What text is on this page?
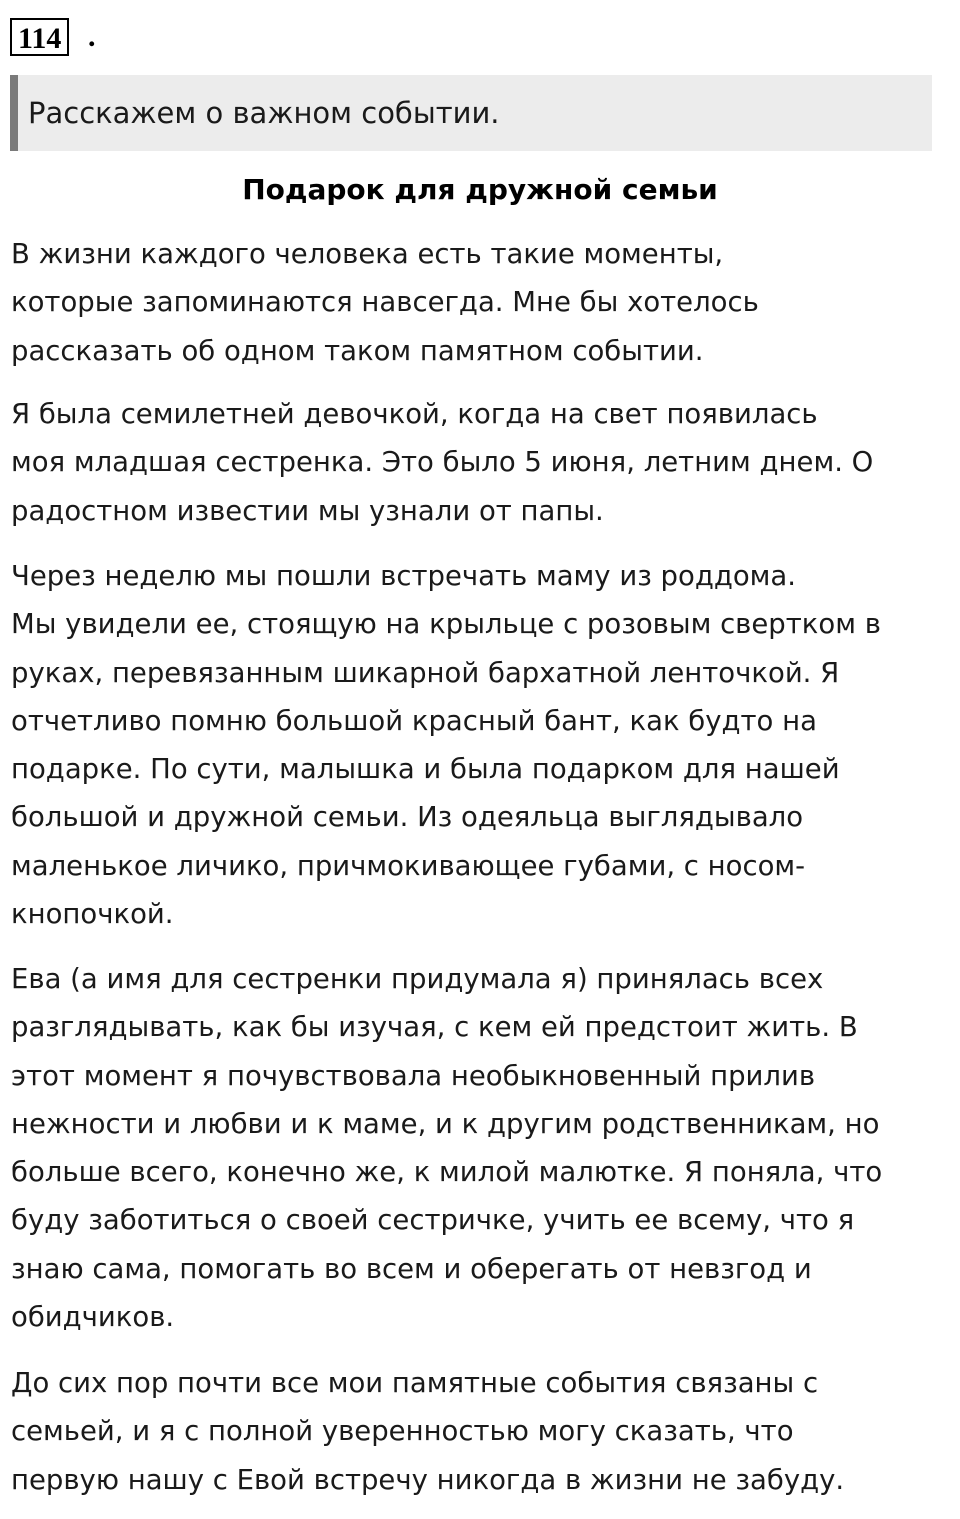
114 .
Расскажем о важном событии.
Подарок для дружной семьи

В жизни каждого человека есть такие моменты,
которые запоминаются навсегда. Мне бы хотелось
рассказать об одном таком памятном событии.

Я была семилетней девочкой, когда на свет появилась
моя младшая сестренка. Это было 5 июня, летним днем. О
радостном известии мы узнали от папы.

Через неделю мы пошли встречать маму из роддома.
Мы увидели ее, стоящую на крыльце с розовым свертком в
руках, перевязанным шикарной бархатной ленточкой. Я
отчетливо помню большой красный бант, как будто на
подарке. По сути, малышка и была подарком для нашей
большой и дружной семьи. Из одеяльца выглядывало
маленькое личико, причмокивающее губами, с носом-
кнопочкой.

Ева (а имя для сестренки придумала я) принялась всех
разглядывать, как бы изучая, с кем ей предстоит жить. В
этот момент я почувствовала необыкновенный прилив
нежности и любви и к маме, и к другим родственникам, но
больше всего, конечно же, к милой малютке. Я поняла, что
буду заботиться о своей сестричке, учить ее всему, что я
знаю сама, помогать во всем и оберегать от невзгод и
обидчиков.

До сих пор почти все мои памятные события связаны с
семьей, и я с полной уверенностью могу сказать, что
первую нашу с Евой встречу никогда в жизни не забуду.
